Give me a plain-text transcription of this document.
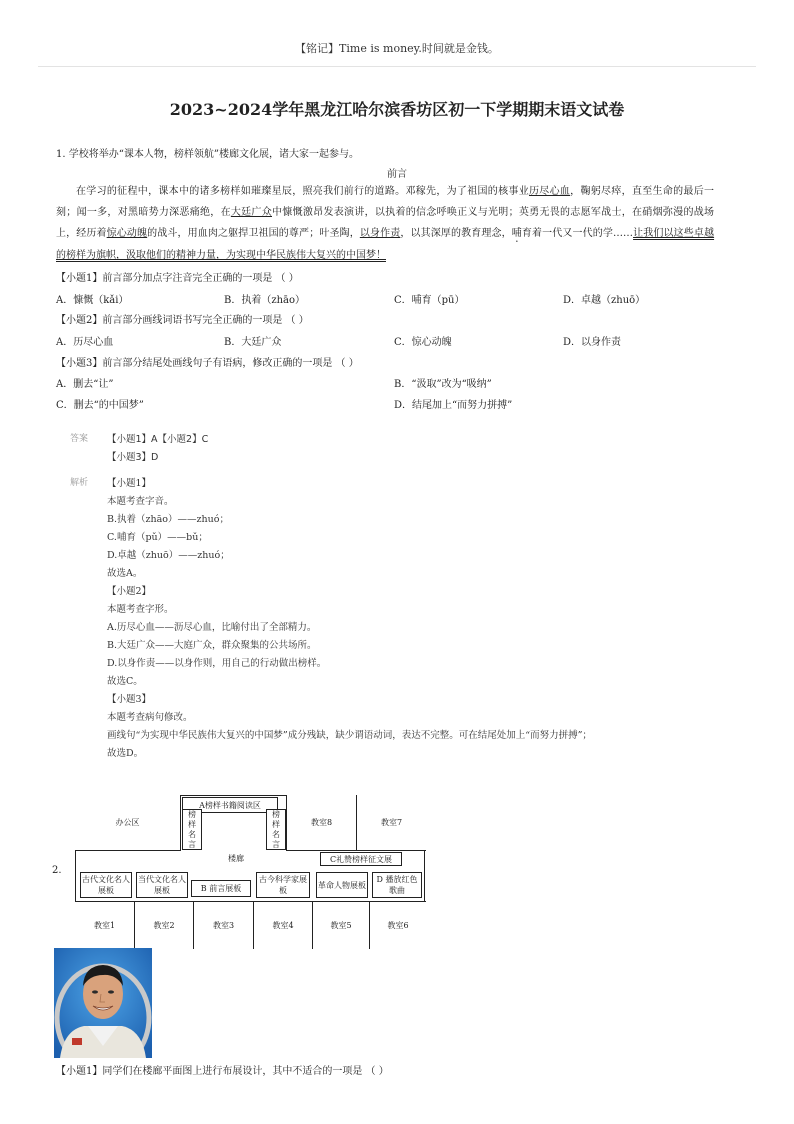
【铭记】Time is money.时间就是金钱。
2023~2024学年黑龙江哈尔滨香坊区初一下学期期末语文试卷
1. 学校将举办“课本人物，榜样领航”楼廊文化展，诸大家一起参与。
前言
在学习的征程中，课本中的诸多榜样如璀璨星辰，照亮我们前行的道路。邓稼先，为了祖国的核事业历尽心血，鞠躬尽瘁，直至生命的最后一刻；闻一多，对黑暗势力深恶痛绝，在大廷广众中慷慨激昂发表演讲，以执着的信念呼唤正义与光明；英勇无畏的志愿军战士，在硝烟弥漫的战场上，经历着惊心动魄的战斗，用血肉之躯捍卫祖国的尊严；叶圣陶，以身作责，以其深厚的教育理念，哺育着一代又一代的学……让我们以这些卓越的榜样为旗帜，汲取他们的精神力量，为实现中华民族伟大复兴的中国梦！
【小题1】前言部分加点字注音完全正确的一项是 （ ）
A．慷慨（kǎi）	B．执着（zhāo）	C．哺育（pū）	D．卓越（zhuō）
【小题2】前言部分画线词语书写完全正确的一项是 （ ）
A．历尽心血	B．大廷广众	C．惊心动魄	D．以身作责
【小题3】前言部分结尾处画线句子有语病，修改正确的一项是 （ ）
A．删去“让”	B．“汲取”改为“吸纳”
C．删去“的中国梦”	D．结尾加上“而努力拼搏”
答案 【小题1】A【小题2】C
【小题3】D
解析 【小题1】
本题考查字音。
B.执着（zhāo）——zhuó；
C.哺育（pǔ）——bǔ；
D.卓越（zhuō）——zhuó；
故选A。
【小题2】
本题考查字形。
A.历尽心血——沥尽心血，比喻付出了全部精力。
B.大廷广众——大庭广众，群众聚集的公共场所。
D.以身作责——以身作则，用自己的行动做出榜样。
故选C。
【小题3】
本题考查病句修改。
画线句“为实现中华民族伟大复兴的中国梦”成分残缺，缺少谓语动词，表达不完整。可在结尾处加上“而努力拼搏”；
故选D。
2.
办公区
A榜样书籍阅读区
榜样名言
榜样名言
教室8	教室7
楼廊	C礼赞榜样征文展
古代文化名人展板
当代文化名人展板	B 前言展板
古今科学家展板
革命人物展板
D 播放红色歌曲
教室1	教室2	教室3	教室4	教室5	教室6
【小题1】同学们在楼廊平面图上进行布展设计，其中不适合的一项是 （ ）
